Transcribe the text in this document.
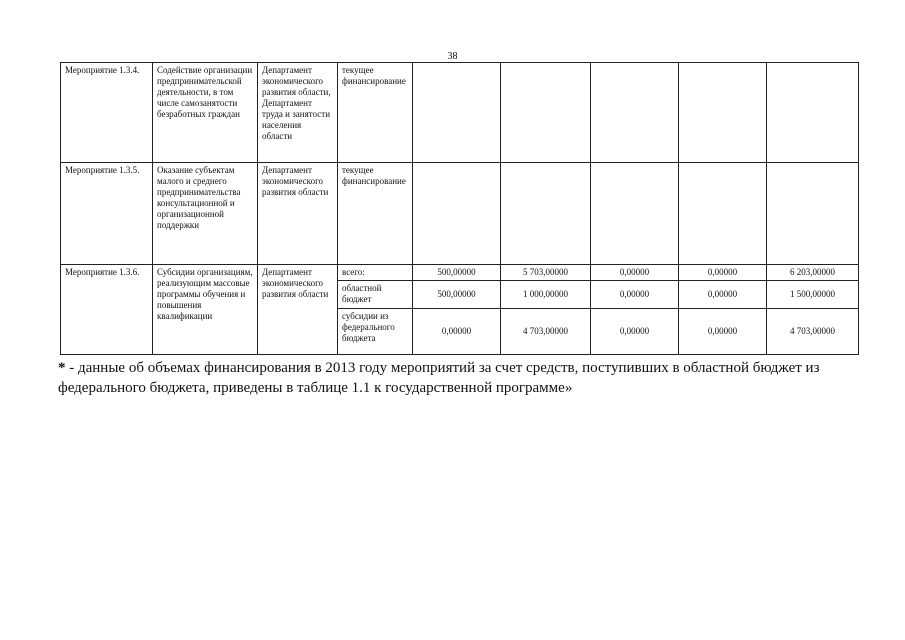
38
Мероприятие 1.3.4.	Содействие организации предпринимательской деятельности, в том числе самозанятости безработных граждан	Департамент экономического развития области, Департамент труда и занятости населения области	текущее финансирование					
Мероприятие 1.3.5.	Оказание субъектам малого и среднего предпринимательства консультационной и организационной поддержки	Департамент экономического развития области	текущее финансирование					
Мероприятие 1.3.6.	Субсидии организациям, реализующим массовые программы обучения и повышения квалификации	Департамент экономического развития области	всего:	500,00000	5 703,00000	0,00000	0,00000	6 203,00000
			областной бюджет	500,00000	1 000,00000	0,00000	0,00000	1 500,00000
			субсидии из федерального бюджета	0,00000	4 703,00000	0,00000	0,00000	4 703,00000
* - данные об объемах финансирования в 2013 году мероприятий за счет средств, поступивших в областной бюджет из федерального бюджета, приведены в таблице 1.1 к государственной программе»
